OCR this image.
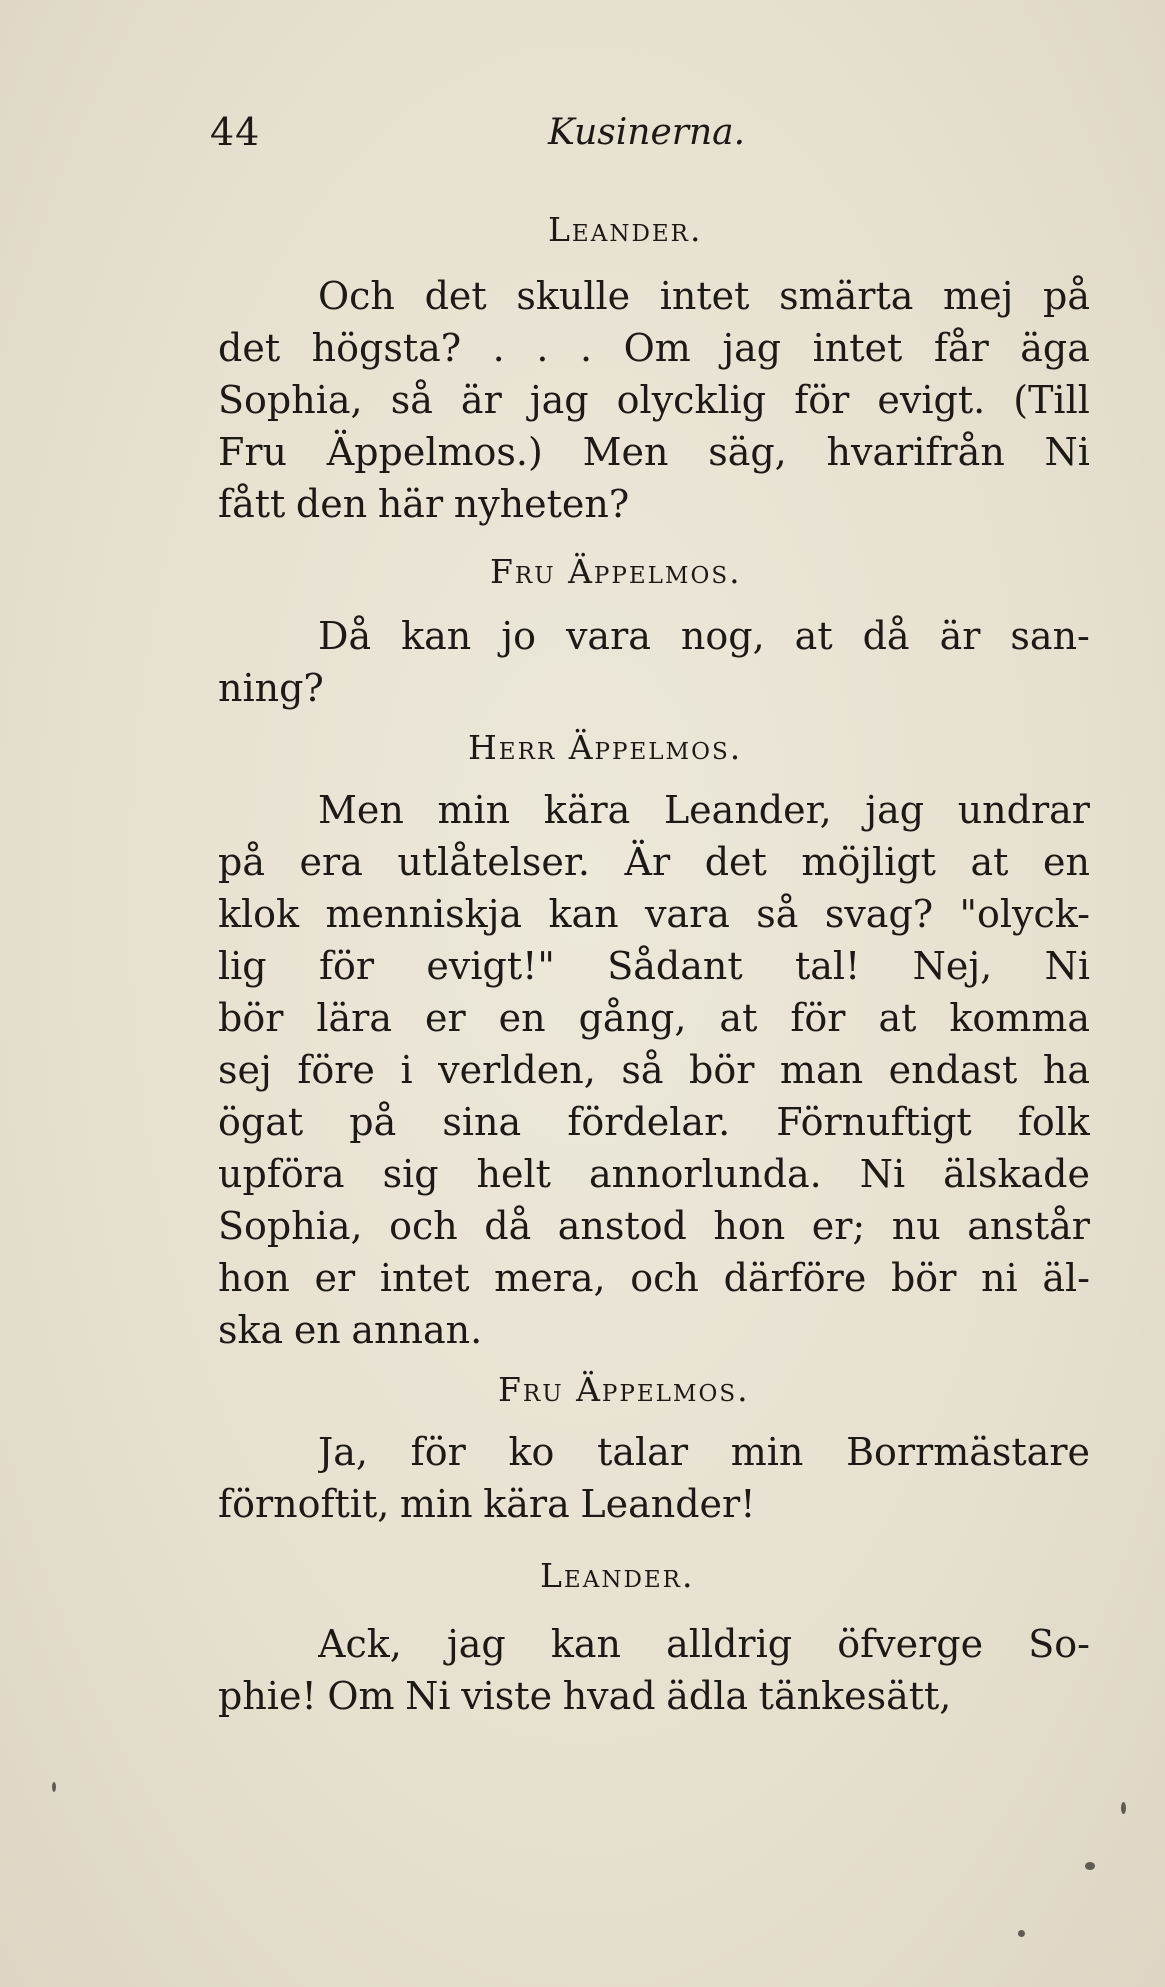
44	Kusinerna.
Leander.
Och det skulle intet smärta mej på
det högsta? . . . Om jag intet får äga
Sophia, så är jag olycklig för evigt. (Till
Fru Äppelmos.) Men säg, hvarifrån Ni
fått den här nyheten?
Fru Äppelmos.
Då kan jo vara nog, at då är san-
ning?
Herr Äppelmos.
Men min kära Leander, jag undrar
på era utlåtelser. Är det möjligt at en
klok menniskja kan vara så svag? "olyck-
lig för evigt!" Sådant tal! Nej, Ni
bör lära er en gång, at för at komma
sej före i verlden, så bör man endast ha
ögat på sina fördelar. Förnuftigt folk
upföra sig helt annorlunda. Ni älskade
Sophia, och då anstod hon er; nu anstår
hon er intet mera, och därföre bör ni äl-
ska en annan.
Fru Äppelmos.
Ja, för ko talar min Borrmästare
förnoftit, min kära Leander!
Leander.
Ack, jag kan alldrig öfverge So-
phie! Om Ni viste hvad ädla tänkesätt,
